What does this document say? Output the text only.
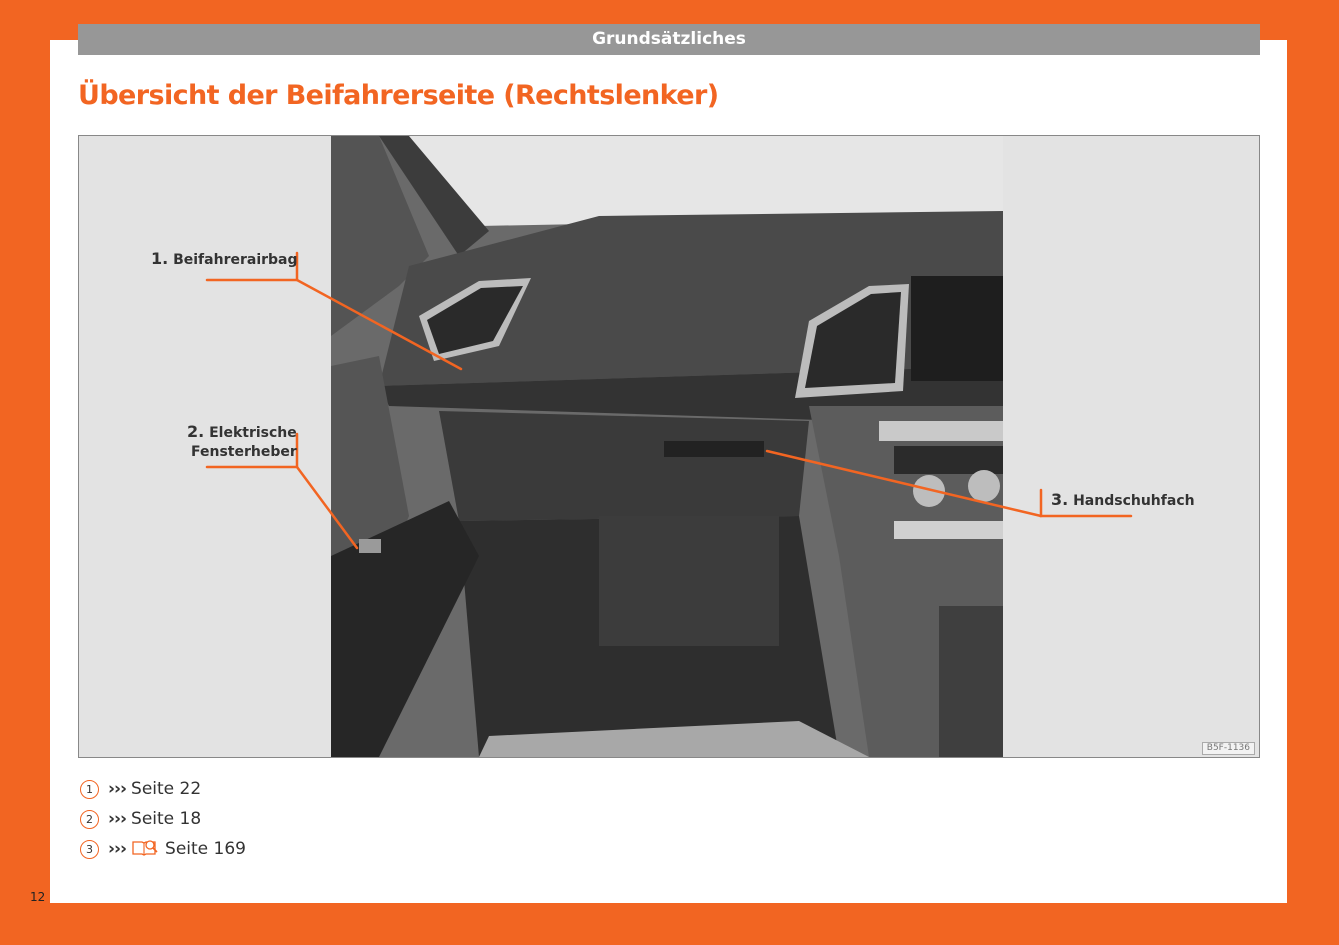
Grundsätzliches
Übersicht der Beifahrerseite (Rechtslenker)
1. Beifahrerairbag
2. Elektrische
Fensterheber
3. Handschuhfach
B5F-1136
1 ››› Seite 22
2 ››› Seite 18
3 ››› Seite 169
12
